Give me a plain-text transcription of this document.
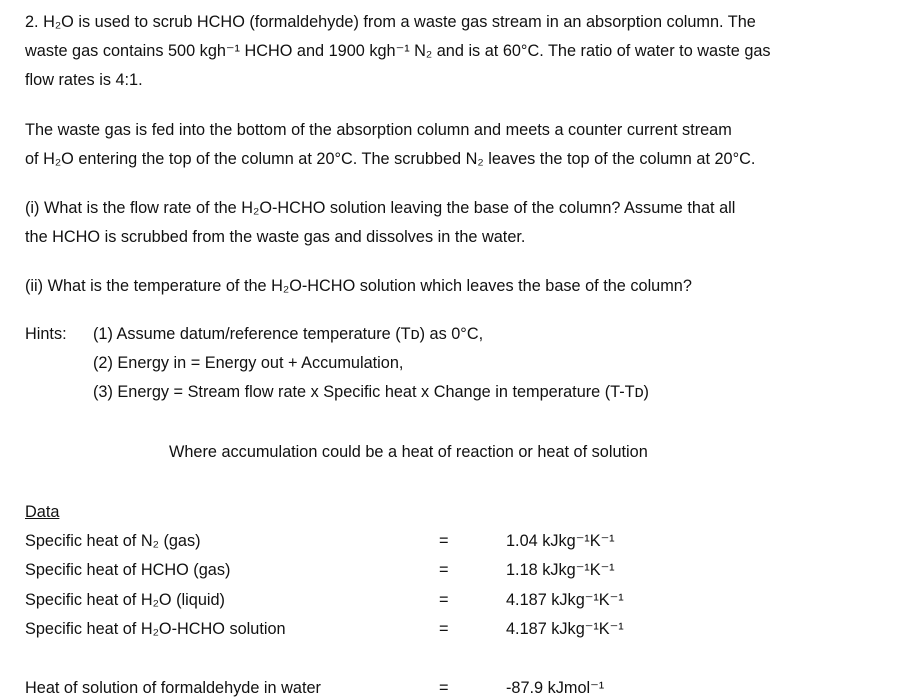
2. H₂O is used to scrub HCHO (formaldehyde) from a waste gas stream in an absorption column. The
waste gas contains 500 kgh⁻¹ HCHO and 1900 kgh⁻¹ N₂ and is at 60°C. The ratio of water to waste gas
flow rates is 4:1.
The waste gas is fed into the bottom of the absorption column and meets a counter current stream
of H₂O entering the top of the column at 20°C. The scrubbed N₂ leaves the top of the column at 20°C.
(i) What is the flow rate of the H₂O-HCHO solution leaving the base of the column? Assume that all
the HCHO is scrubbed from the waste gas and dissolves in the water.
(ii) What is the temperature of the H₂O-HCHO solution which leaves the base of the column?
Hints: (1) Assume datum/reference temperature (Tᴅ) as 0°C,
(2) Energy in = Energy out + Accumulation,
(3) Energy = Stream flow rate x Specific heat x Change in temperature (T-Tᴅ)
Where accumulation could be a heat of reaction or heat of solution
Data
Specific heat of N₂ (gas)	=	1.04 kJkg⁻¹K⁻¹
Specific heat of HCHO (gas)	=	1.18 kJkg⁻¹K⁻¹
Specific heat of H₂O (liquid)	=	4.187 kJkg⁻¹K⁻¹
Specific heat of H₂O-HCHO solution	=	4.187 kJkg⁻¹K⁻¹
Heat of solution of formaldehyde in water	=	-87.9 kJmol⁻¹
